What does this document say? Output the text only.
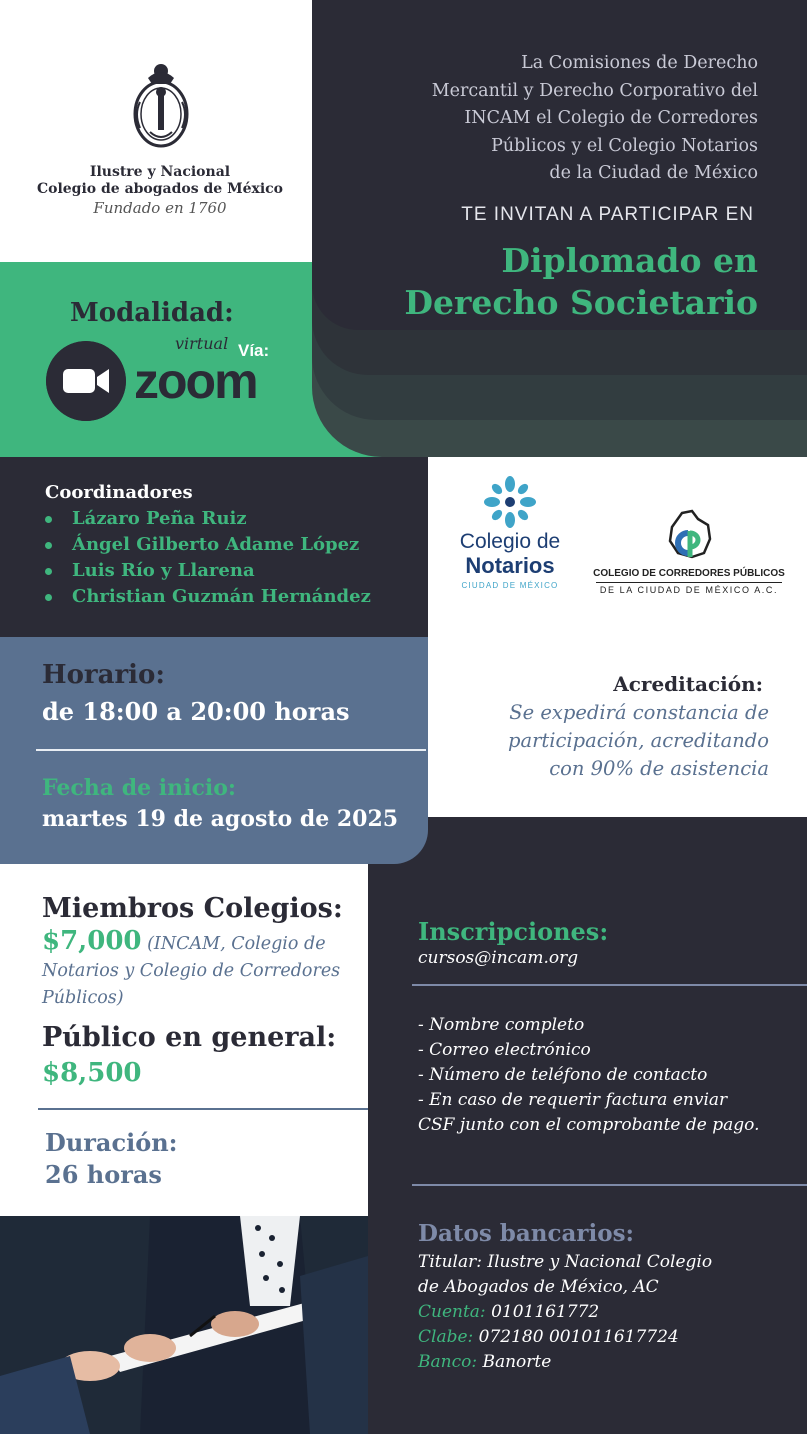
Ilustre y Nacional
Colegio de abogados de México
Fundado en 1760
La Comisiones de Derecho
Mercantil y Derecho Corporativo del
INCAM el Colegio de Corredores
Públicos y el Colegio Notarios
de la Ciudad de México
TE INVITAN A PARTICIPAR EN
Diplomado en
Derecho Societario
Modalidad:
virtual Vía:
zoom
Coordinadores
Lázaro Peña Ruiz
Ángel Gilberto Adame López
Luis Río y Llarena
Christian Guzmán Hernández
Colegio de
Notarios
CIUDAD DE MÉXICO
COLEGIO DE CORREDORES PÚBLICOS
DE LA CIUDAD DE MÉXICO A.C.
Horario:
de 18:00 a 20:00 horas
Fecha de inicio:
martes 19 de agosto de 2025
Acreditación:
Se expedirá constancia de
participación, acreditando
con 90% de asistencia
Miembros Colegios:
$7,000 (INCAM, Colegio de Notarios y Colegio de Corredores Públicos)
Público en general:
$8,500
Duración:
26 horas
Inscripciones:
cursos@incam.org
- Nombre completo
- Correo electrónico
- Número de teléfono de contacto
- En caso de requerir factura enviar
CSF junto con el comprobante de pago.
Datos bancarios:
Titular: Ilustre y Nacional Colegio
de Abogados de México, AC
Cuenta: 0101161772
Clabe: 072180 001011617724
Banco: Banorte
